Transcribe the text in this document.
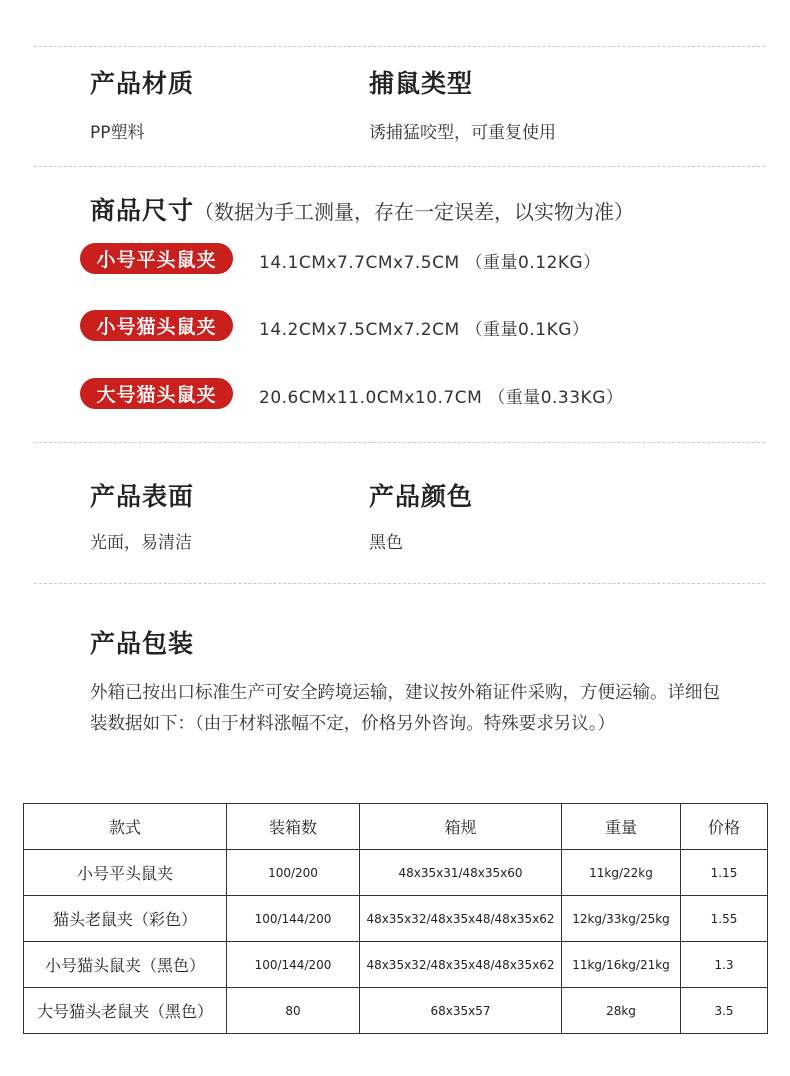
产品材质
PP塑料
捕鼠类型
诱捕猛咬型，可重复使用
商品尺寸（数据为手工测量，存在一定误差，以实物为准）
小号平头鼠夹	14.1CMx7.7CMx7.5CM （重量0.12KG）
小号猫头鼠夹	14.2CMx7.5CMx7.2CM （重量0.1KG）
大号猫头鼠夹	20.6CMx11.0CMx10.7CM （重量0.33KG）
产品表面
光面，易清洁
产品颜色
黑色
产品包装
外箱已按出口标准生产可安全跨境运输，建议按外箱证件采购，方便运输。详细包装数据如下：（由于材料涨幅不定，价格另外咨询。特殊要求另议。）
款式	装箱数	箱规	重量	价格
小号平头鼠夹	100/200	48x35x31/48x35x60	11kg/22kg	1.15
猫头老鼠夹（彩色）	100/144/200	48x35x32/48x35x48/48x35x62	12kg/33kg/25kg	1.55
小号猫头鼠夹（黑色）	100/144/200	48x35x32/48x35x48/48x35x62	11kg/16kg/21kg	1.3
大号猫头老鼠夹（黑色）	80	68x35x57	28kg	3.5
